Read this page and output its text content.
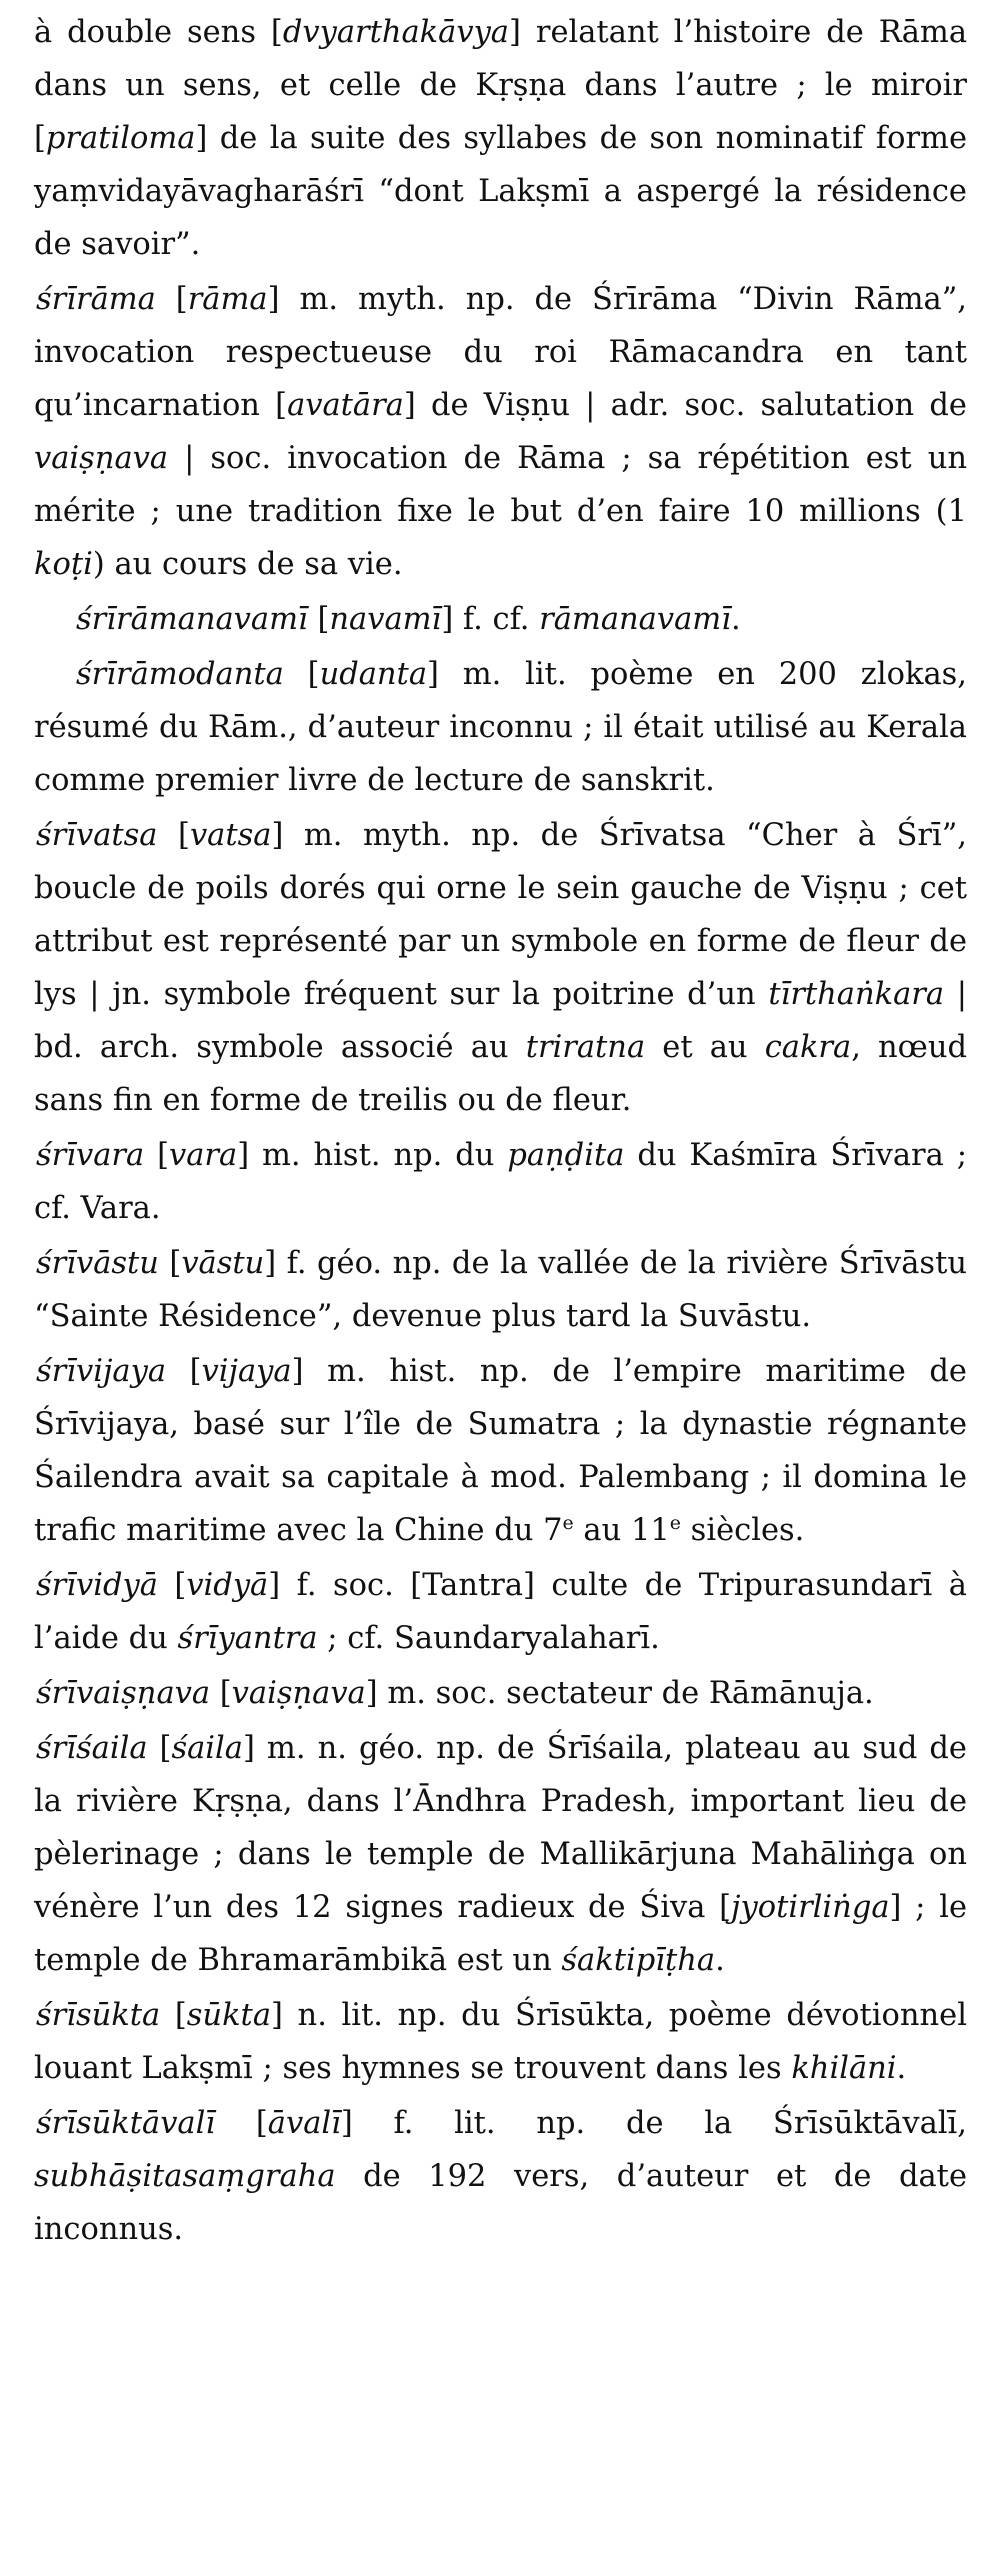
à double sens [dvyarthakāvya] relatant l’histoire de Rāma dans un sens, et celle de Kṛṣṇa dans l’autre ; le miroir [pratiloma] de la suite des syllabes de son nominatif forme yaṃvidayāvagharāśrī “dont Lakṣmī a aspergé la résidence de savoir”.

śrīrāma [rāma] m. myth. np. de Śrīrāma “Divin Rāma”, invocation respectueuse du roi Rāmacandra en tant qu’incarnation [avatāra] de Viṣṇu | adr. soc. salutation de vaiṣṇava | soc. invocation de Rāma ; sa répétition est un mérite ; une tradition fixe le but d’en faire 10 millions (1 koṭi) au cours de sa vie.

śrīrāmanavamī [navamī] f. cf. rāmanavamī.

śrīrāmodanta [udanta] m. lit. poème en 200 zlokas, résumé du Rām., d’auteur inconnu ; il était utilisé au Kerala comme premier livre de lecture de sanskrit.

śrīvatsa [vatsa] m. myth. np. de Śrīvatsa “Cher à Śrī”, boucle de poils dorés qui orne le sein gauche de Viṣṇu ; cet attribut est représenté par un symbole en forme de fleur de lys | jn. symbole fréquent sur la poitrine d’un tīrthaṅkara | bd. arch. symbole associé au triratna et au cakra, nœud sans fin en forme de treilis ou de fleur.

śrīvara [vara] m. hist. np. du paṇḍita du Kaśmīra Śrīvara ; cf. Vara.

śrīvāstu [vāstu] f. géo. np. de la vallée de la rivière Śrīvāstu “Sainte Résidence”, devenue plus tard la Suvāstu.

śrīvijaya [vijaya] m. hist. np. de l’empire maritime de Śrīvijaya, basé sur l’île de Sumatra ; la dynastie régnante Śailendra avait sa capitale à mod. Palembang ; il domina le trafic maritime avec la Chine du 7e au 11e siècles.

śrīvidyā [vidyā] f. soc. [Tantra] culte de Tripurasundarī à l’aide du śrīyantra ; cf. Saundaryalaharī.

śrīvaiṣṇava [vaiṣṇava] m. soc. sectateur de Rāmānuja.

śrīśaila [śaila] m. n. géo. np. de Śrīśaila, plateau au sud de la rivière Kṛṣṇa, dans l’Āndhra Pradesh, important lieu de pèlerinage ; dans le temple de Mallikārjuna Mahāliṅga on vénère l’un des 12 signes radieux de Śiva [jyotirliṅga] ; le temple de Bhramarāmbikā est un śaktipīṭha.

śrīsūkta [sūkta] n. lit. np. du Śrīsūkta, poème dévotionnel louant Lakṣmī ; ses hymnes se trouvent dans les khilāni.

śrīsūktāvalī [āvalī] f. lit. np. de la Śrīsūktāvalī, subhāṣitasaṃgraha de 192 vers, d’auteur et de date inconnus.
